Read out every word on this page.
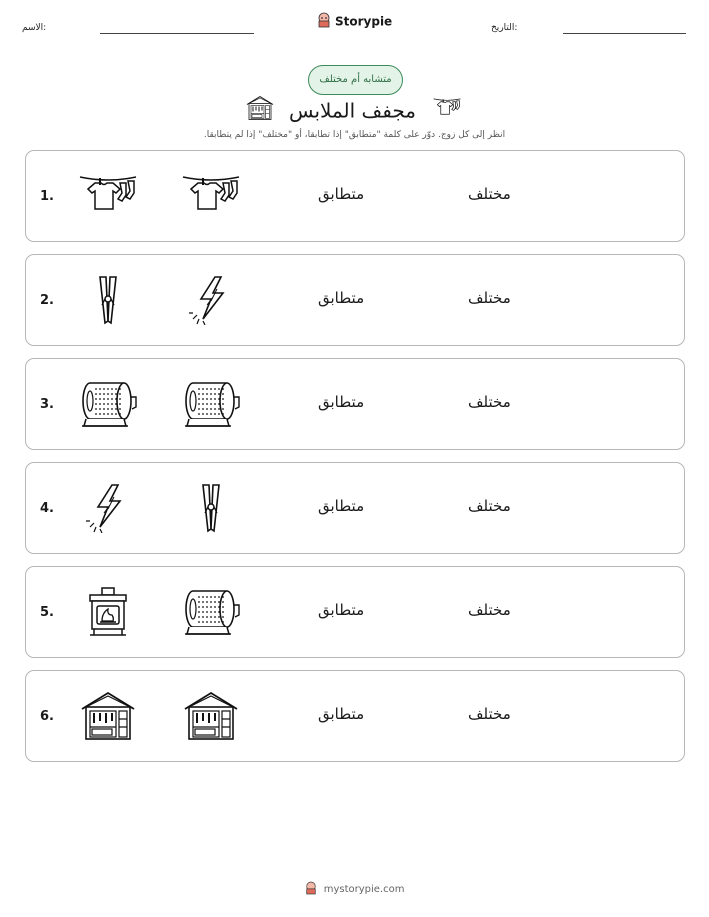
الاسم:	التاريخ:
Storypie
متشابه أم مختلف
مجفف الملابس
انظر إلى كل زوج. دوّر على كلمة "متطابق" إذا تطابقا، أو "مختلف" إذا لم يتطابقا.
1.	متطابق	مختلف
2.	متطابق	مختلف
3.	متطابق	مختلف
4.	متطابق	مختلف
5.	متطابق	مختلف
6.	متطابق	مختلف
mystorypie.com
